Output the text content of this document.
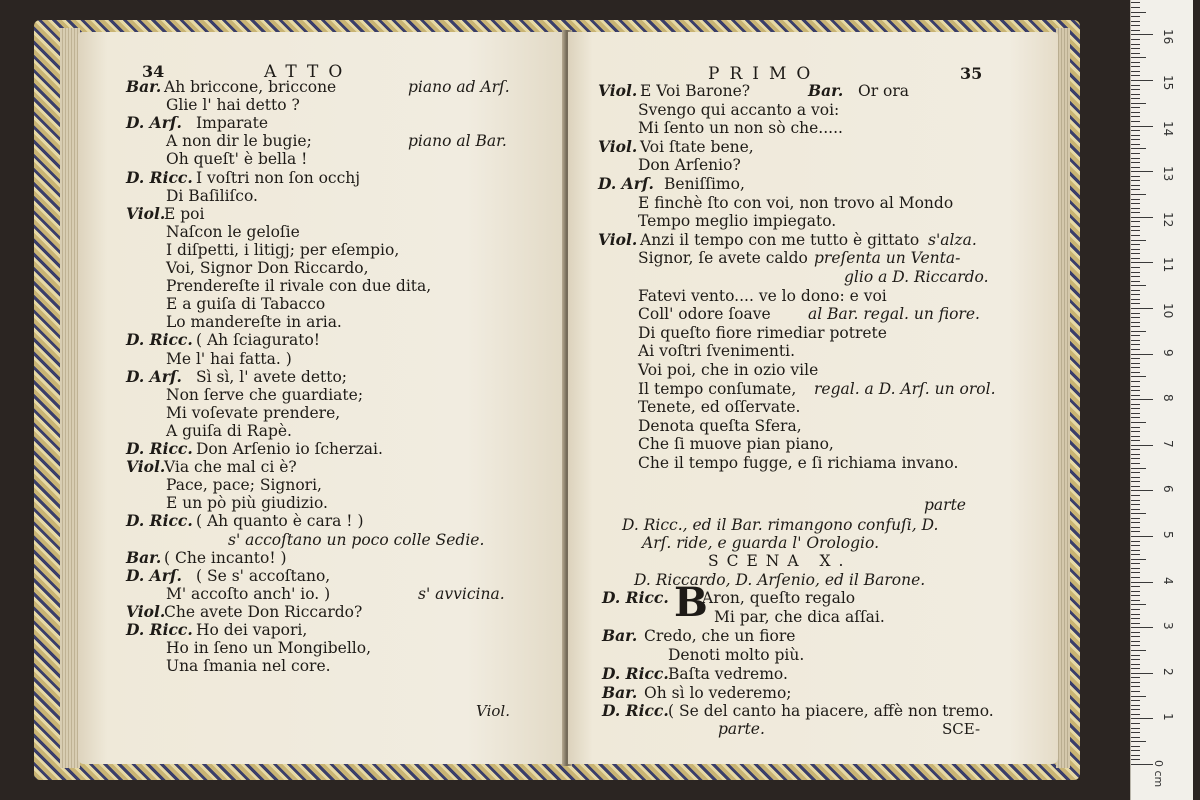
34	ATTO
Bar. Ah briccone, briccone	piano ad Arſ.
Glie l' hai detto ?
D. Arſ. Imparate
A non dir le bugie;	piano al Bar.
Oh queſt' è bella !
D. Ricc. I voſtri non ſon occhj
Di Baſiliſco.
Viol.
E poi
Naſcon le geloſie
I diſpetti, i litigj; per eſempio,
Voi, Signor Don Riccardo,
Prendereſte il rivale con due dita,
E a guiſa di Tabacco
Lo mandereſte in aria.
D. Ricc. ( Ah ſciagurato!
Me l' hai fatta. )
D. Arſ. Sì sì, l' avete detto;
Non ſerve che guardiate;
Mi voſevate prendere,
A guiſa di Rapè.
D. Ricc. Don Arſenio io ſcherzai.
Viol.
Via che mal ci è?
Pace, pace; Signori,
E un pò più giudizio.
D. Ricc. ( Ah quanto è cara ! )
s' accoſtano un poco colle Sedie.
Bar. ( Che incanto! )
D. Arſ. ( Se s' accoſtano,
M' accoſto anch' io. )	s' avvicina.
Viol.
Che avete Don Riccardo?
D. Ricc. Ho dei vapori,
Ho in ſeno un Mongibello,
Una ſmania nel core.
Viol.
PRIMO	35
Viol. E Voi Barone?	Bar. Or ora
Svengo qui accanto a voi:
Mi ſento un non sò che.....
Viol. Voi ſtate bene,
Don Arſenio?
D. Arſ. Beniſſimo,
E finchè ſto con voi, non trovo al Mondo
Tempo meglio impiegato.
Viol. Anzi il tempo con me tutto è gittato s'alza.
Signor, ſe avete caldo preſenta un Venta-
glio a D. Riccardo.
Fatevi vento.... ve lo dono: e voi
Coll' odore ſoave al Bar. regal. un fiore.
Di queſto fiore rimediar potrete
Ai voſtri ſvenimenti.
Voi poi, che in ozio vile
Il tempo conſumate, regal. a D. Arſ. un orol.
Tenete, ed oſſervate.
Denota queſta Sfera,
Che ſi muove pian piano,
Che il tempo fugge, e ſi richiama invano.
parte
D. Ricc., ed il Bar. rimangono confuſi, D.
Arſ. ride, e guarda l' Orologio.
SCENA X.
D. Riccardo, D. Arſenio, ed il Barone.
D. Ricc. B
Aron, queſto regalo
Mi par, che dica aſſai.
Bar. Credo, che un fiore
Denoti molto più.
D. Ricc. Baſta vedremo.
Bar. Oh sì lo vederemo;
D. Ricc. ( Se del canto ha piacere, affè non tremo.
parte.	SCE-
1
2
3
4
5
6
7
8
9
10
11
12
13
14
15
16
0 cm
